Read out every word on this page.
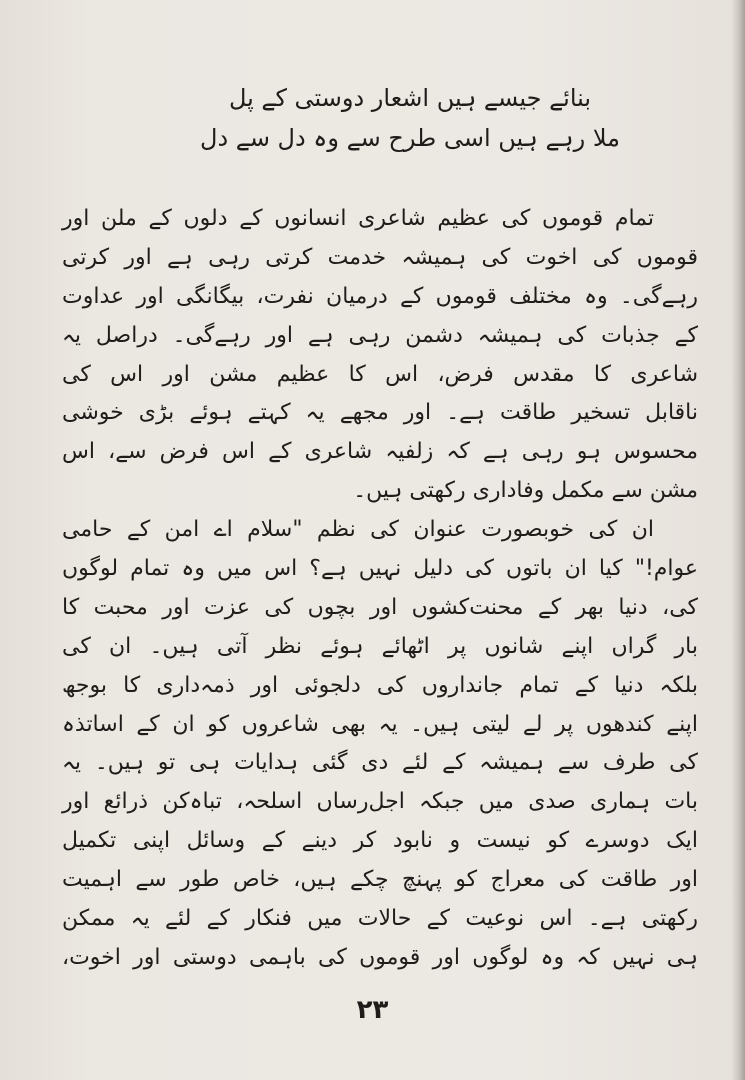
بنائے جیسے ہیں اشعار دوستی کے پل
ملا رہے ہیں اسی طرح سے وہ دل سے دل
تمام قوموں کی عظیم شاعری انسانوں کے دلوں کے ملن اور
قوموں کی اخوت کی ہمیشہ خدمت کرتی رہی ہے اور کرتی
رہےگی۔ وہ مختلف قوموں کے درمیان نفرت، بیگانگی اور عداوت
کے جذبات کی ہمیشہ دشمن رہی ہے اور رہےگی۔ دراصل یہ
شاعری کا مقدس فرض، اس کا عظیم مشن اور اس کی
ناقابل تسخیر طاقت ہے۔ اور مجھے یہ کہتے ہوئے بڑی خوشی
محسوس ہو رہی ہے کہ زلفیہ شاعری کے اس فرض سے، اس
مشن سے مکمل وفاداری رکھتی ہیں۔
ان کی خوبصورت عنوان کی نظم "سلام اے امن کے حامی
عوام!" کیا ان باتوں کی دلیل نہیں ہے؟ اس میں وہ تمام لوگوں
کی، دنیا بھر کے محنت‌کشوں اور بچوں کی عزت اور محبت کا
بار گراں اپنے شانوں پر اٹھائے ہوئے نظر آتی ہیں۔ ان کی
بلکہ دنیا کے تمام جانداروں کی دلجوئی اور ذمہ‌داری کا بوجھ
اپنے کندھوں پر لے لیتی ہیں۔ یہ بھی شاعروں کو ان کے اساتذہ
کی طرف سے ہمیشہ کے لئے دی گئی ہدایات ہی تو ہیں۔ یہ
بات ہماری صدی میں جبکہ اجل‌رساں اسلحہ، تباہ‌کن ذرائع اور
ایک دوسرے کو نیست و نابود کر دینے کے وسائل اپنی تکمیل
اور طاقت کی معراج کو پہنچ چکے ہیں، خاص طور سے اہمیت
رکھتی ہے۔ اس نوعیت کے حالات میں فنکار کے لئے یہ ممکن
ہی نہیں کہ وہ لوگوں اور قوموں کی باہمی دوستی اور اخوت،
۲۳
